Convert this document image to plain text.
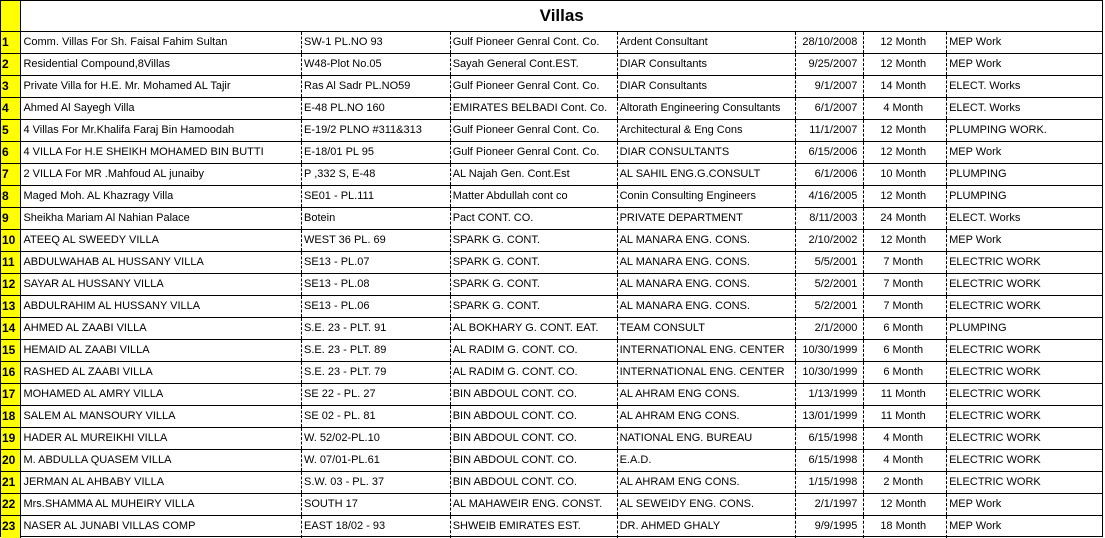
	Villas						
1	Comm. Villas For Sh. Faisal Fahim Sultan	SW-1 PL.NO 93	Gulf Pioneer Genral Cont. Co.	Ardent Consultant	28/10/2008	12 Month	MEP Work
2	Residential Compound,8Villas	W48-Plot No.05	Sayah General Cont.EST.	DIAR Consultants	9/25/2007	12 Month	MEP Work
3	Private Villa for H.E. Mr. Mohamed AL Tajir	Ras Al Sadr PL.NO59	Gulf Pioneer Genral Cont. Co.	DIAR Consultants	9/1/2007	14 Month	ELECT. Works
4	Ahmed Al Sayegh Villa	E-48 PL.NO 160	EMIRATES BELBADI Cont. Co.	Altorath Engineering Consultants	6/1/2007	4 Month	ELECT. Works
5	4 Villas For Mr.Khalifa Faraj Bin Hamoodah	E-19/2 PLNO #311&313	Gulf Pioneer Genral Cont. Co.	Architectural & Eng Cons	11/1/2007	12 Month	PLUMPING WORK.
6	4 VILLA For H.E SHEIKH MOHAMED BIN BUTTI	E-18/01 PL 95	Gulf Pioneer Genral Cont. Co.	DIAR CONSULTANTS	6/15/2006	12 Month	MEP Work
7	2 VILLA For MR .Mahfoud AL junaiby	P ,332 S, E-48	AL Najah Gen. Cont.Est	AL SAHIL ENG.G.CONSULT	6/1/2006	10 Month	PLUMPING
8	Maged Moh. AL Khazragy Villa	SE01 - PL.111	Matter Abdullah cont co	Conin Consulting Engineers	4/16/2005	12 Month	PLUMPING
9	Sheikha Mariam Al Nahian Palace	Botein	Pact CONT. CO.	PRIVATE DEPARTMENT	8/11/2003	24 Month	ELECT. Works
10	ATEEQ AL SWEEDY VILLA	WEST 36 PL. 69	SPARK G. CONT.	AL MANARA ENG. CONS.	2/10/2002	12 Month	MEP Work
11	ABDULWAHAB AL HUSSANY VILLA	SE13 - PL.07	SPARK G. CONT.	AL MANARA ENG. CONS.	5/5/2001	7 Month	ELECTRIC WORK
12	SAYAR AL HUSSANY VILLA	SE13 - PL.08	SPARK G. CONT.	AL MANARA ENG. CONS.	5/2/2001	7 Month	ELECTRIC WORK
13	ABDULRAHIM AL HUSSANY VILLA	SE13 - PL.06	SPARK G. CONT.	AL MANARA ENG. CONS.	5/2/2001	7 Month	ELECTRIC WORK
14	AHMED AL ZAABI VILLA	S.E. 23 - PLT. 91	AL BOKHARY G. CONT. EAT.	TEAM CONSULT	2/1/2000	6 Month	PLUMPING
15	HEMAID AL ZAABI VILLA	S.E. 23 - PLT. 89	AL RADIM G. CONT. CO.	INTERNATIONAL ENG. CENTER	10/30/1999	6 Month	ELECTRIC WORK
16	RASHED AL ZAABI VILLA	S.E. 23 - PLT. 79	AL RADIM G. CONT. CO.	INTERNATIONAL ENG. CENTER	10/30/1999	6 Month	ELECTRIC WORK
17	MOHAMED AL AMRY VILLA	SE 22 - PL. 27	BIN ABDOUL CONT. CO.	AL AHRAM ENG CONS.	1/13/1999	11 Month	ELECTRIC WORK
18	SALEM AL MANSOURY VILLA	SE 02 - PL. 81	BIN ABDOUL CONT. CO.	AL AHRAM ENG CONS.	13/01/1999	11 Month	ELECTRIC WORK
19	HADER AL MUREIKHI VILLA	W. 52/02-PL.10	BIN ABDOUL CONT. CO.	NATIONAL ENG. BUREAU	6/15/1998	4 Month	ELECTRIC WORK
20	M. ABDULLA QUASEM VILLA	W. 07/01-PL.61	BIN ABDOUL CONT. CO.	E.A.D.	6/15/1998	4 Month	ELECTRIC WORK
21	JERMAN AL AHBABY VILLA	S.W. 03 - PL. 37	BIN ABDOUL CONT. CO.	AL AHRAM ENG CONS.	1/15/1998	2 Month	ELECTRIC WORK
22	Mrs.SHAMMA AL MUHEIRY VILLA	SOUTH 17	AL MAHAWEIR ENG. CONST.	AL SEWEIDY ENG. CONS.	2/1/1997	12 Month	MEP Work
23	NASER AL JUNABI VILLAS COMP	EAST 18/02 - 93	SHWEIB EMIRATES EST.	DR. AHMED GHALY	9/9/1995	18 Month	MEP Work
